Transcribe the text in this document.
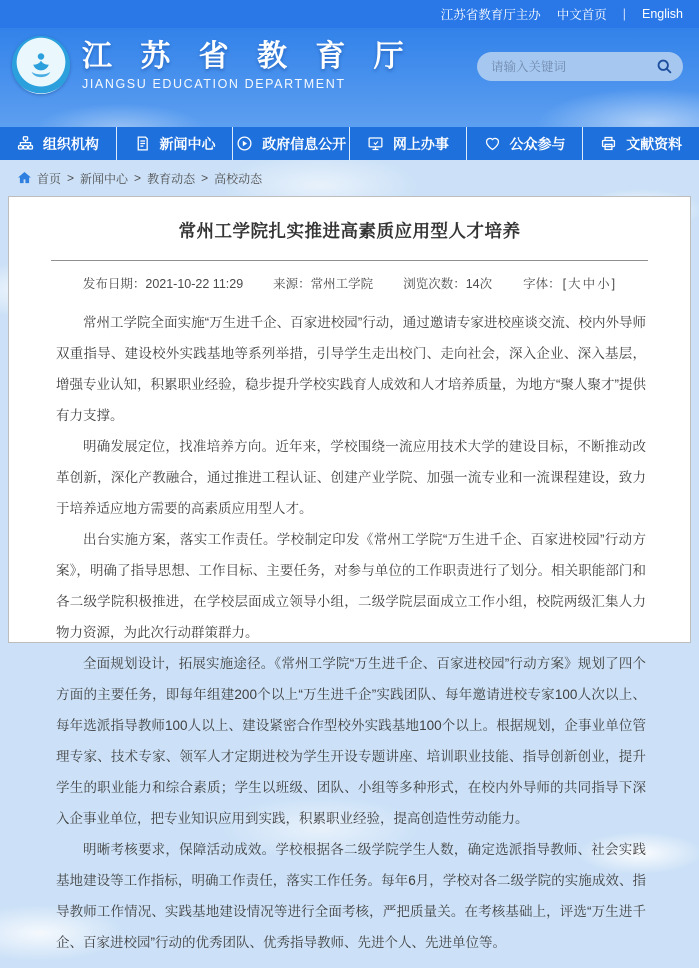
江苏省教育厅主办 中文首页 | English
江 苏 省 教 育 厅
JIANGSU EDUCATION DEPARTMENT
请输入关键词
组织机构	新闻中心	政府信息公开	网上办事	公众参与	文献资料
首页 > 新闻中心 > 教育动态 > 高校动态
常州工学院扎实推进高素质应用型人才培养
发布日期：2021-10-22 11:29 来源：常州工学院 浏览次数：14次 字体： [ 大 中 小 ]

常州工学院全面实施“万生进千企、百家进校园”行动，通过邀请专家进校座谈交流、校内外导师双重指导、建设校外实践基地等系列举措，引导学生走出校门、走向社会，深入企业、深入基层，增强专业认知，积累职业经验，稳步提升学校实践育人成效和人才培养质量，为地方“聚人聚才”提供有力支撑。

明确发展定位，找准培养方向。近年来，学校围绕一流应用技术大学的建设目标，不断推动改革创新，深化产教融合，通过推进工程认证、创建产业学院、加强一流专业和一流课程建设，致力于培养适应地方需要的高素质应用型人才。

出台实施方案，落实工作责任。学校制定印发《常州工学院“万生进千企、百家进校园”行动方案》，明确了指导思想、工作目标、主要任务，对参与单位的工作职责进行了划分。相关职能部门和各二级学院积极推进，在学校层面成立领导小组，二级学院层面成立工作小组，校院两级汇集人力物力资源，为此次行动群策群力。

全面规划设计，拓展实施途径。《常州工学院“万生进千企、百家进校园”行动方案》规划了四个方面的主要任务，即每年组建200个以上“万生进千企”实践团队、每年邀请进校专家100人次以上、每年选派指导教师100人以上、建设紧密合作型校外实践基地100个以上。根据规划，企事业单位管理专家、技术专家、领军人才定期进校为学生开设专题讲座、培训职业技能、指导创新创业，提升学生的职业能力和综合素质；学生以班级、团队、小组等多种形式，在校内外导师的共同指导下深入企事业单位，把专业知识应用到实践，积累职业经验，提高创造性劳动能力。

明晰考核要求，保障活动成效。学校根据各二级学院学生人数，确定选派指导教师、社会实践基地建设等工作指标，明确工作责任，落实工作任务。每年6月，学校对各二级学院的实施成效、指导教师工作情况、实践基地建设情况等进行全面考核，严把质量关。在考核基础上，评选“万生进千企、百家进校园”行动的优秀团队、优秀指导教师、先进个人、先进单位等。
